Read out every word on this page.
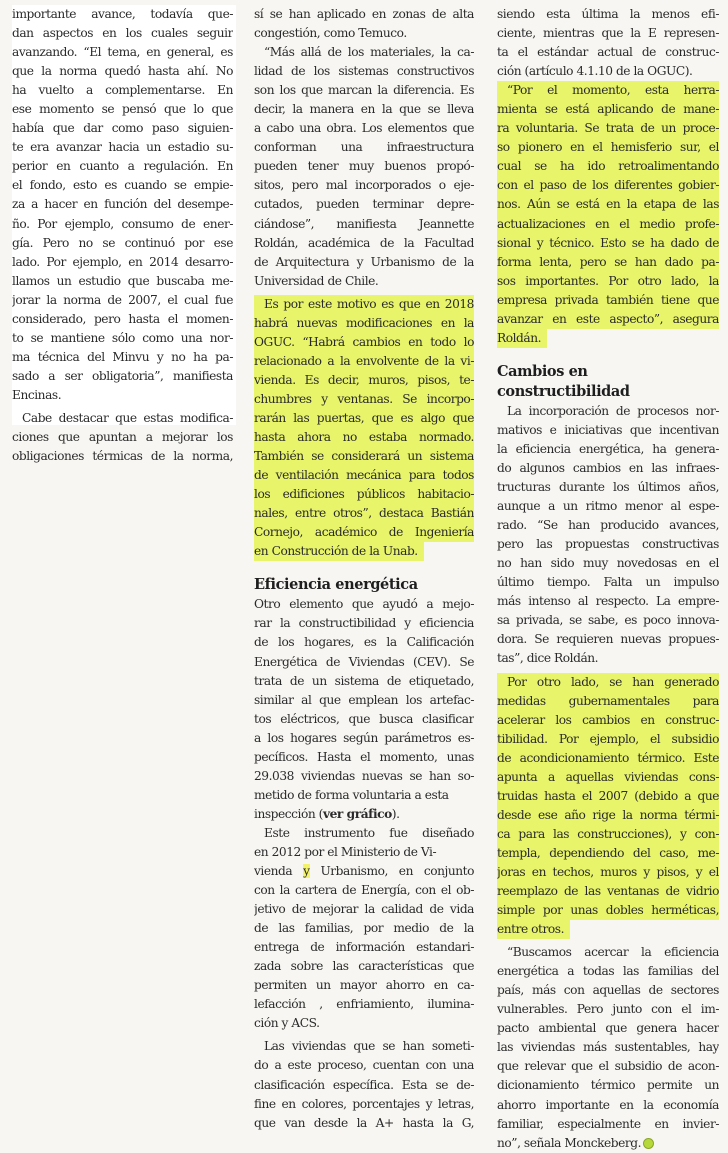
importante avance, todavía que-
dan aspectos en los cuales seguir
avanzando. “El tema, en general, es
que la norma quedó hasta ahí. No
ha vuelto a complementarse. En
ese momento se pensó que lo que
había que dar como paso siguien-
te era avanzar hacia un estadio su-
perior en cuanto a regulación. En
el fondo, esto es cuando se empie-
za a hacer en función del desempe-
ño. Por ejemplo, consumo de ener-
gía. Pero no se continuó por ese
lado. Por ejemplo, en 2014 desarro-
llamos un estudio que buscaba me-
jorar la norma de 2007, el cual fue
considerado, pero hasta el momen-
to se mantiene sólo como una nor-
ma técnica del Minvu y no ha pa-
sado a ser obligatoria”, manifiesta
Encinas.
Cabe destacar que estas modifica-
ciones que apuntan a mejorar los
obligaciones térmicas de la norma,
sí se han aplicado en zonas de alta
congestión, como Temuco.
“Más allá de los materiales, la ca-
lidad de los sistemas constructivos
son los que marcan la diferencia. Es
decir, la manera en la que se lleva
a cabo una obra. Los elementos que
conforman una infraestructura
pueden tener muy buenos propó-
sitos, pero mal incorporados o eje-
cutados, pueden terminar depre-
ciándose”, manifiesta Jeannette
Roldán, académica de la Facultad
de Arquitectura y Urbanismo de la
Universidad de Chile.
Es por este motivo es que en 2018
habrá nuevas modificaciones en la
OGUC. “Habrá cambios en todo lo
relacionado a la envolvente de la vi-
vienda. Es decir, muros, pisos, te-
chumbres y ventanas. Se incorpo-
rarán las puertas, que es algo que
hasta ahora no estaba normado.
También se considerará un sistema
de ventilación mecánica para todos
los edificiones públicos habitacio-
nales, entre otros”, destaca Bastián
Cornejo, académico de Ingeniería
en Construcción de la Unab.
Eficiencia energética
Otro elemento que ayudó a mejo-
rar la constructibilidad y eficiencia
de los hogares, es la Calificación
Energética de Viviendas (CEV). Se
trata de un sistema de etiquetado,
similar al que emplean los artefac-
tos eléctricos, que busca clasificar
a los hogares según parámetros es-
pecíficos. Hasta el momento, unas
29.038 viviendas nuevas se han so-
metido de forma voluntaria a esta
inspección (ver gráfico).
Este instrumento fue diseñado
en 2012 por el Ministerio de Vi-
vienda y Urbanismo, en conjunto
con la cartera de Energía, con el ob-
jetivo de mejorar la calidad de vida
de las familias, por medio de la
entrega de información estandari-
zada sobre las características que
permiten un mayor ahorro en ca-
lefacción , enfriamiento, ilumina-
ción y ACS.
Las viviendas que se han someti-
do a este proceso, cuentan con una
clasificación específica. Esta se de-
fine en colores, porcentajes y letras,
que van desde la A+ hasta la G,
siendo esta última la menos efi-
ciente, mientras que la E represen-
ta el estándar actual de construc-
ción (artículo 4.1.10 de la OGUC).
“Por el momento, esta herra-
mienta se está aplicando de mane-
ra voluntaria. Se trata de un proce-
so pionero en el hemisferio sur, el
cual se ha ido retroalimentando
con el paso de los diferentes gobier-
nos. Aún se está en la etapa de las
actualizaciones en el medio profe-
sional y técnico. Esto se ha dado de
forma lenta, pero se han dado pa-
sos importantes. Por otro lado, la
empresa privada también tiene que
avanzar en este aspecto”, asegura
Roldán.
Cambios en constructibilidad
La incorporación de procesos nor-
mativos e iniciativas que incentivan
la eficiencia energética, ha genera-
do algunos cambios en las infraes-
tructuras durante los últimos años,
aunque a un ritmo menor al espe-
rado. “Se han producido avances,
pero las propuestas constructivas
no han sido muy novedosas en el
último tiempo. Falta un impulso
más intenso al respecto. La empre-
sa privada, se sabe, es poco innova-
dora. Se requieren nuevas propues-
tas”, dice Roldán.
Por otro lado, se han generado
medidas gubernamentales para
acelerar los cambios en construc-
tibilidad. Por ejemplo, el subsidio
de acondicionamiento térmico. Este
apunta a aquellas viviendas cons-
truidas hasta el 2007 (debido a que
desde ese año rige la norma térmi-
ca para las construcciones), y con-
templa, dependiendo del caso, me-
joras en techos, muros y pisos, y el
reemplazo de las ventanas de vidrio
simple por unas dobles herméticas,
entre otros.
“Buscamos acercar la eficiencia
energética a todas las familias del
país, más con aquellas de sectores
vulnerables. Pero junto con el im-
pacto ambiental que genera hacer
las viviendas más sustentables, hay
que relevar que el subsidio de acon-
dicionamiento térmico permite un
ahorro importante en la economía
familiar, especialmente en invier-
no”, señala Monckeberg.
